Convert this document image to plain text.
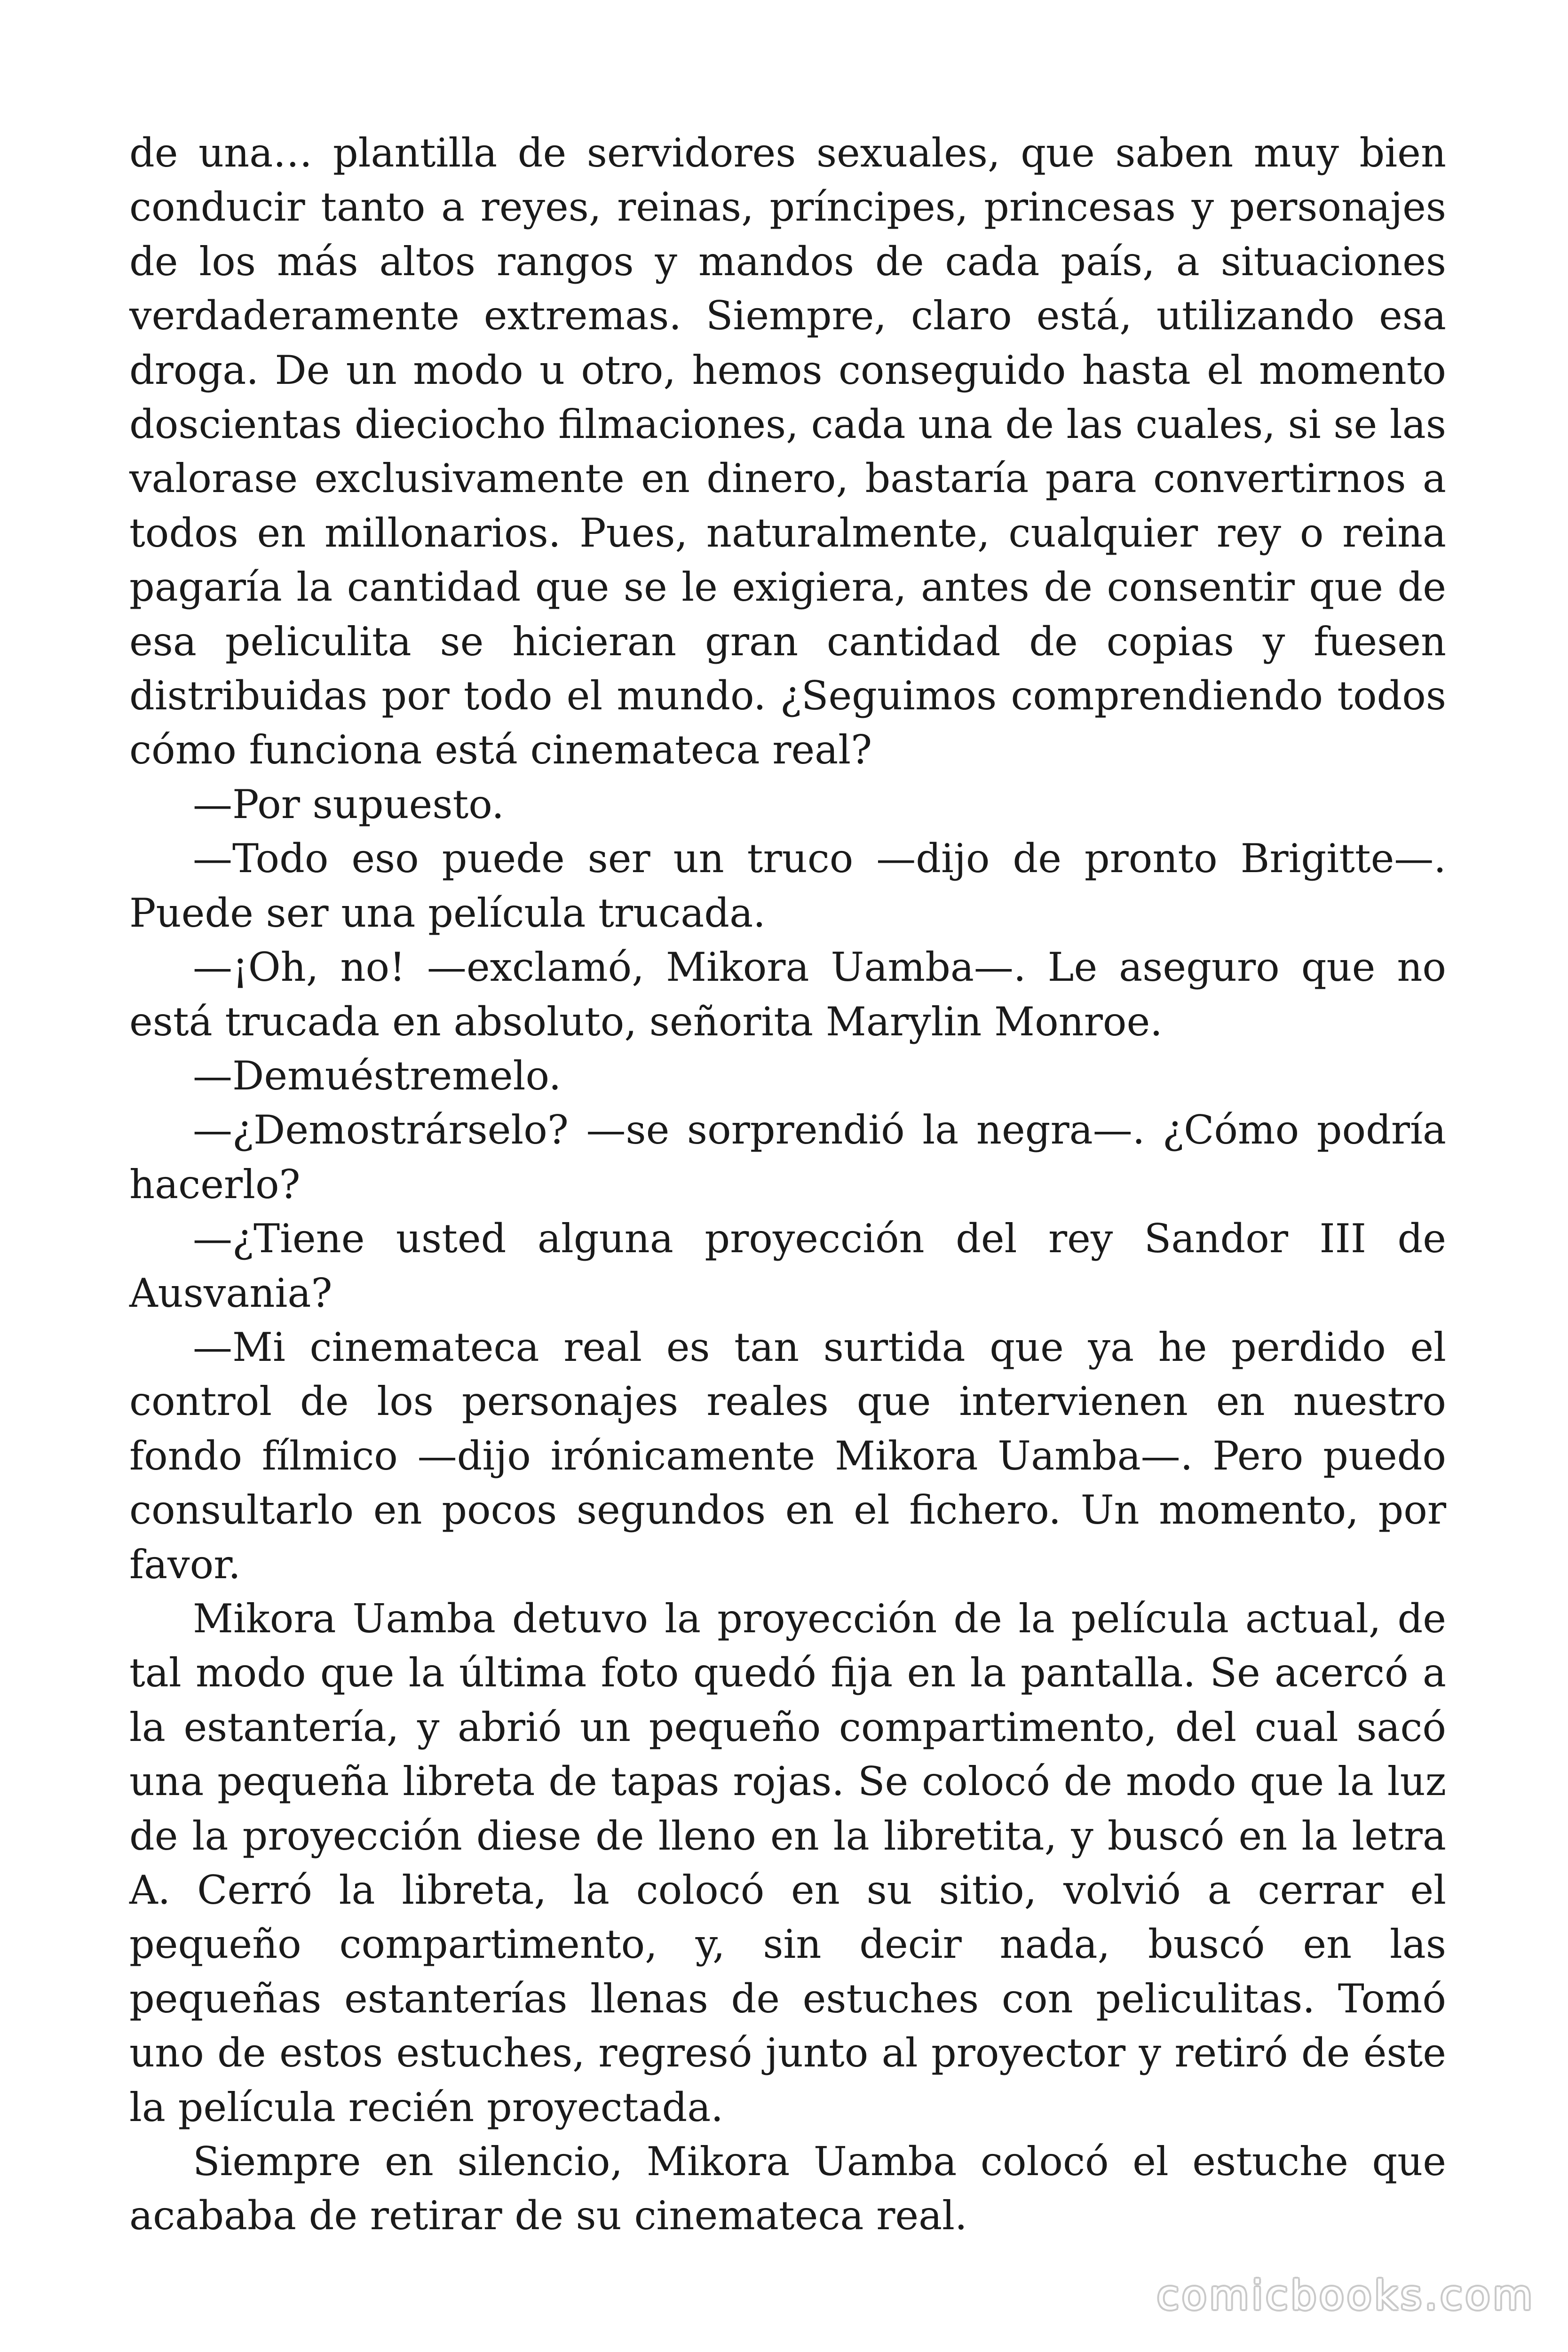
de una… plantilla de servidores sexuales, que saben muy bien conducir tanto a reyes, reinas, príncipes, princesas y personajes de los más altos rangos y mandos de cada país, a situaciones verdaderamente extremas. Siempre, claro está, utilizando esa droga. De un modo u otro, hemos conseguido hasta el momento doscientas dieciocho filmaciones, cada una de las cuales, si se las valorase exclusivamente en dinero, bastaría para convertirnos a todos en millonarios. Pues, naturalmente, cualquier rey o reina pagaría la cantidad que se le exigiera, antes de consentir que de esa peliculita se hicieran gran cantidad de copias y fuesen distribuidas por todo el mundo. ¿Seguimos comprendiendo todos cómo funciona está cinemateca real?

—Por supuesto.

—Todo eso puede ser un truco —dijo de pronto Brigitte—. Puede ser una película trucada.

—¡Oh, no! —exclamó, Mikora Uamba—. Le aseguro que no está trucada en absoluto, señorita Marylin Monroe.

—Demuéstremelo.

—¿Demostrárselo? —se sorprendió la negra—. ¿Cómo podría hacerlo?

—¿Tiene usted alguna proyección del rey Sandor III de Ausvania?

—Mi cinemateca real es tan surtida que ya he perdido el control de los personajes reales que intervienen en nuestro fondo fílmico —dijo irónicamente Mikora Uamba—. Pero puedo consultarlo en pocos segundos en el fichero. Un momento, por favor.

Mikora Uamba detuvo la proyección de la película actual, de tal modo que la última foto quedó fija en la pantalla. Se acercó a la estantería, y abrió un pequeño compartimento, del cual sacó una pequeña libreta de tapas rojas. Se colocó de modo que la luz de la proyección diese de lleno en la libretita, y buscó en la letra A. Cerró la libreta, la colocó en su sitio, volvió a cerrar el pequeño compartimento, y, sin decir nada, buscó en las pequeñas estanterías llenas de estuches con peliculitas. Tomó uno de estos estuches, regresó junto al proyector y retiró de éste la película recién proyectada.

Siempre en silencio, Mikora Uamba colocó el estuche que acababa de retirar de su cinemateca real.

comicbooks.com
